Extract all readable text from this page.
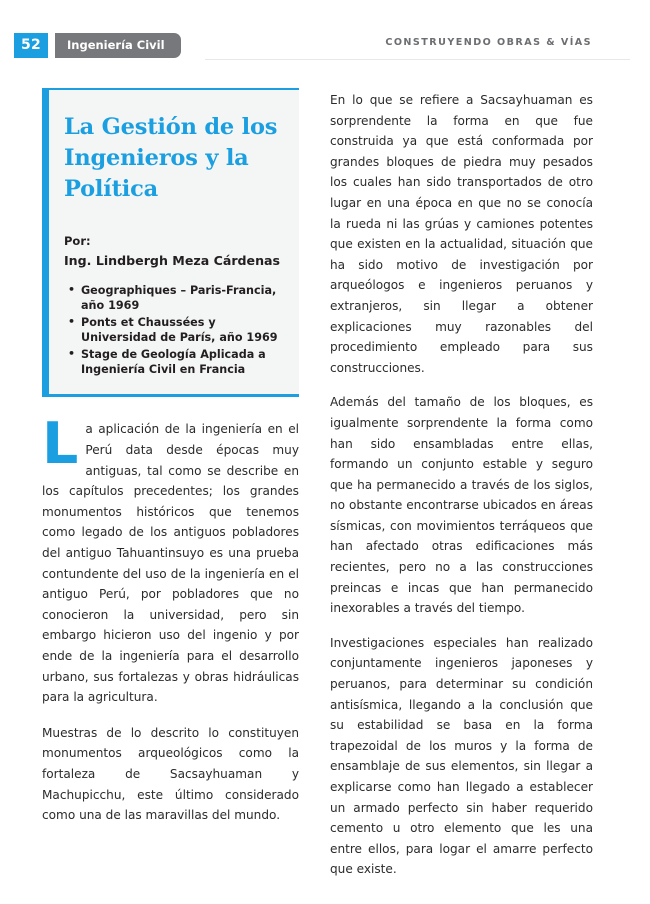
52	Ingeniería Civil	CONSTRUYENDO OBRAS & VÍAS
La Gestión de los Ingenieros y la Política
Por:
Ing. Lindbergh Meza Cárdenas
• Geographiques – Paris-Francia, año 1969
• Ponts et Chaussées y Universidad de París, año 1969
• Stage de Geología Aplicada a Ingeniería Civil en Francia

La aplicación de la ingeniería en el Perú data desde épocas muy antiguas, tal como se describe en los capítulos precedentes; los grandes monumentos históricos que tenemos como legado de los antiguos pobladores del antiguo Tahuantinsuyo es una prueba contundente del uso de la ingeniería en el antiguo Perú, por pobladores que no conocieron la universidad, pero sin embargo hicieron uso del ingenio y por ende de la ingeniería para el desarrollo urbano, sus fortalezas y obras hidráulicas para la agricultura.

Muestras de lo descrito lo constituyen monumentos arqueológicos como la fortaleza de Sacsayhuaman y Machupicchu, este último considerado como una de las maravillas del mundo.

En lo que se refiere a Sacsayhuaman es sorprendente la forma en que fue construida ya que está conformada por grandes bloques de piedra muy pesados los cuales han sido transportados de otro lugar en una época en que no se conocía la rueda ni las grúas y camiones potentes que existen en la actualidad, situación que ha sido motivo de investigación por arqueólogos e ingenieros peruanos y extranjeros, sin llegar a obtener explicaciones muy razonables del procedimiento empleado para sus construcciones.

Además del tamaño de los bloques, es igualmente sorprendente la forma como han sido ensambladas entre ellas, formando un conjunto estable y seguro que ha permanecido a través de los siglos, no obstante encontrarse ubicados en áreas sísmicas, con movimientos terráqueos que han afectado otras edificaciones más recientes, pero no a las construcciones preincas e incas que han permanecido inexorables a través del tiempo.

Investigaciones especiales han realizado conjuntamente ingenieros japoneses y peruanos, para determinar su condición antisísmica, llegando a la conclusión que su estabilidad se basa en la forma trapezoidal de los muros y la forma de ensamblaje de sus elementos, sin llegar a explicarse como han llegado a establecer un armado perfecto sin haber requerido cemento u otro elemento que les una entre ellos, para logar el amarre perfecto que existe.
